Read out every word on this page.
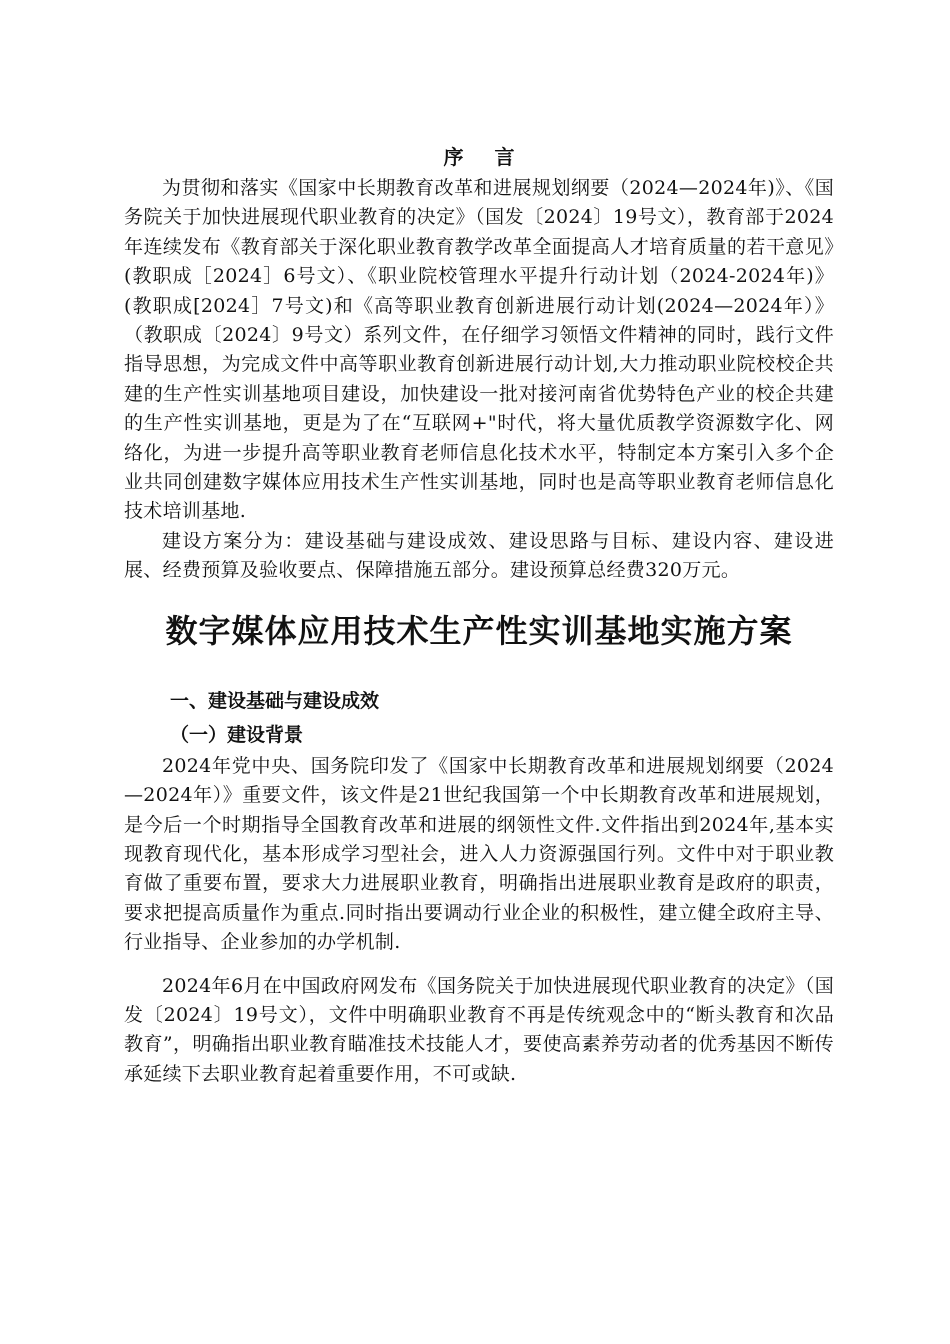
序 言

为贯彻和落实《国家中长期教育改革和进展规划纲要（2024—2024年)》、《国务院关于加快进展现代职业教育的决定》（国发〔2024〕19号文），教育部于2024年连续发布《教育部关于深化职业教育教学改革全面提高人才培育质量的若干意见》(教职成［2024］6号文）、《职业院校管理水平提升行动计划（2024-2024年)》(教职成[2024］7号文)和《高等职业教育创新进展行动计划(2024—2024年）》（教职成〔2024〕9号文）系列文件，在仔细学习领悟文件精神的同时，践行文件指导思想，为完成文件中高等职业教育创新进展行动计划,大力推动职业院校校企共建的生产性实训基地项目建设，加快建设一批对接河南省优势特色产业的校企共建的生产性实训基地，更是为了在“互联网+"时代，将大量优质教学资源数字化、网络化，为进一步提升高等职业教育老师信息化技术水平，特制定本方案引入多个企业共同创建数字媒体应用技术生产性实训基地，同时也是高等职业教育老师信息化技术培训基地.

建设方案分为：建设基础与建设成效、建设思路与目标、建设内容、建设进展、经费预算及验收要点、保障措施五部分。建设预算总经费320万元。

数字媒体应用技术生产性实训基地实施方案
一、建设基础与建设成效
（一）建设背景

2024年党中央、国务院印发了《国家中长期教育改革和进展规划纲要（2024—2024年）》重要文件，该文件是21世纪我国第一个中长期教育改革和进展规划，是今后一个时期指导全国教育改革和进展的纲领性文件.文件指出到2024年,基本实现教育现代化，基本形成学习型社会，进入人力资源强国行列。文件中对于职业教育做了重要布置，要求大力进展职业教育，明确指出进展职业教育是政府的职责，要求把提高质量作为重点.同时指出要调动行业企业的积极性，建立健全政府主导、行业指导、企业参加的办学机制.

2024年6月在中国政府网发布《国务院关于加快进展现代职业教育的决定》（国发〔2024〕19号文），文件中明确职业教育不再是传统观念中的“断头教育和次品教育”，明确指出职业教育瞄准技术技能人才，要使高素养劳动者的优秀基因不断传承延续下去职业教育起着重要作用，不可或缺.
